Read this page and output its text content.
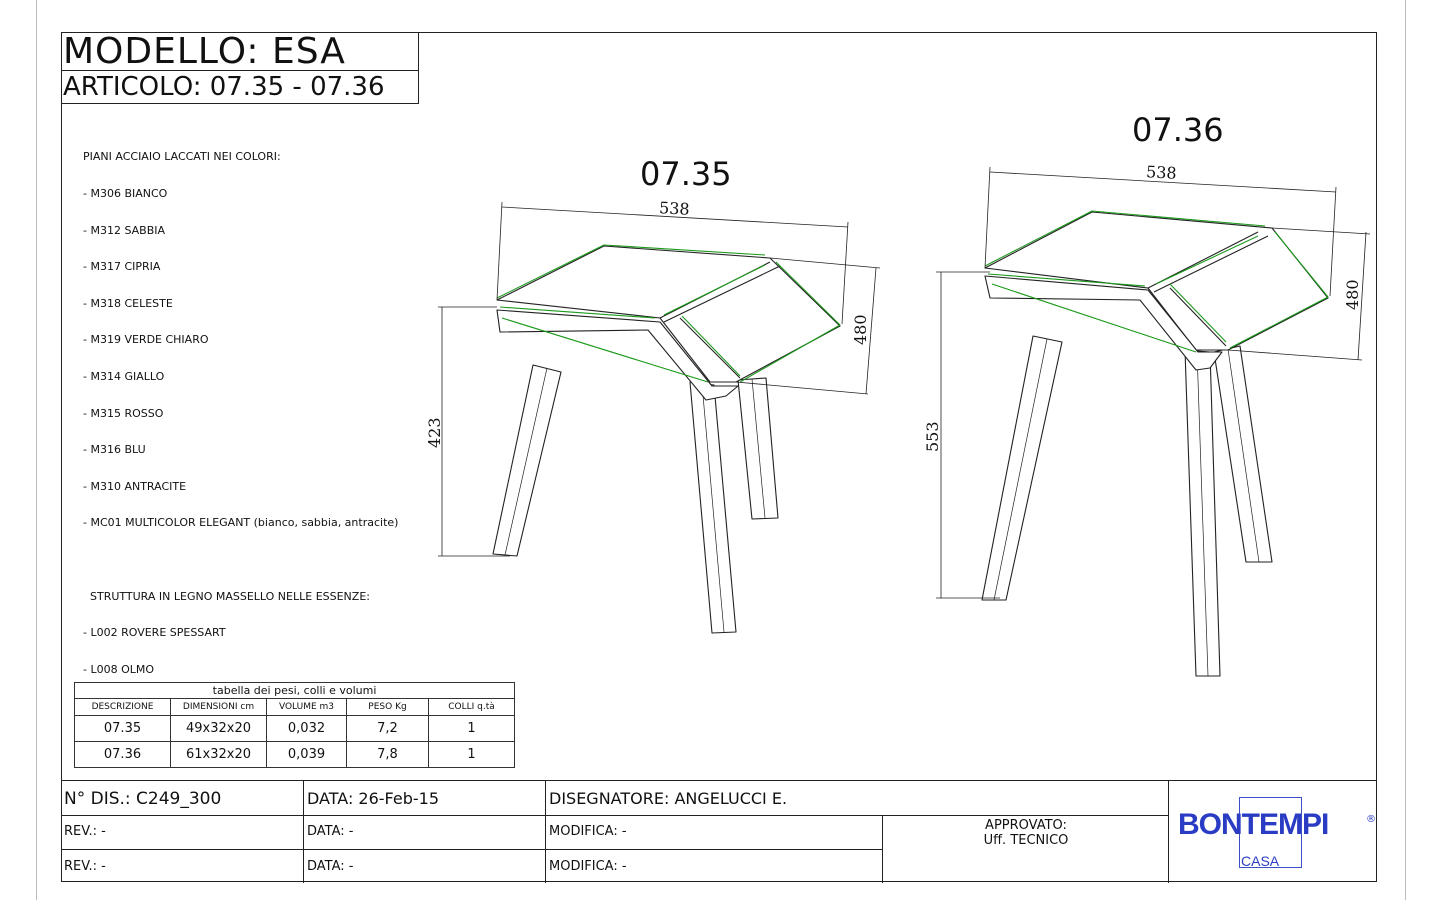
MODELLO: ESA
ARTICOLO: 07.35 - 07.36

PIANI ACCIAIO LACCATI NEI COLORI:

- M306 BIANCO

- M312 SABBIA

- M317 CIPRIA

- M318 CELESTE

- M319 VERDE CHIARO

- M314 GIALLO

- M315 ROSSO

- M316 BLU

- M310 ANTRACITE

- MC01 MULTICOLOR ELEGANT (bianco, sabbia, antracite)

STRUTTURA IN LEGNO MASSELLO NELLE ESSENZE:

- L002 ROVERE SPESSART

- L008 OLMO

07.35
538
480
423
07.36
538
480
553
tabella dei pesi, colli e volumi				
DESCRIZIONE	DIMENSIONI cm	VOLUME m3	PESO Kg	COLLI q.tà
07.35	49x32x20	0,032	7,2	1
07.36	61x32x20	0,039	7,8	1
N° DIS.: C249_300	DATA: 26-Feb-15	DISEGNATORE: ANGELUCCI E.
REV.: -	DATA: -	MODIFICA: -
REV.: -	DATA: -	MODIFICA: -
APPROVATO:
Uff. TECNICO	BONTEMPI	®
CASA
